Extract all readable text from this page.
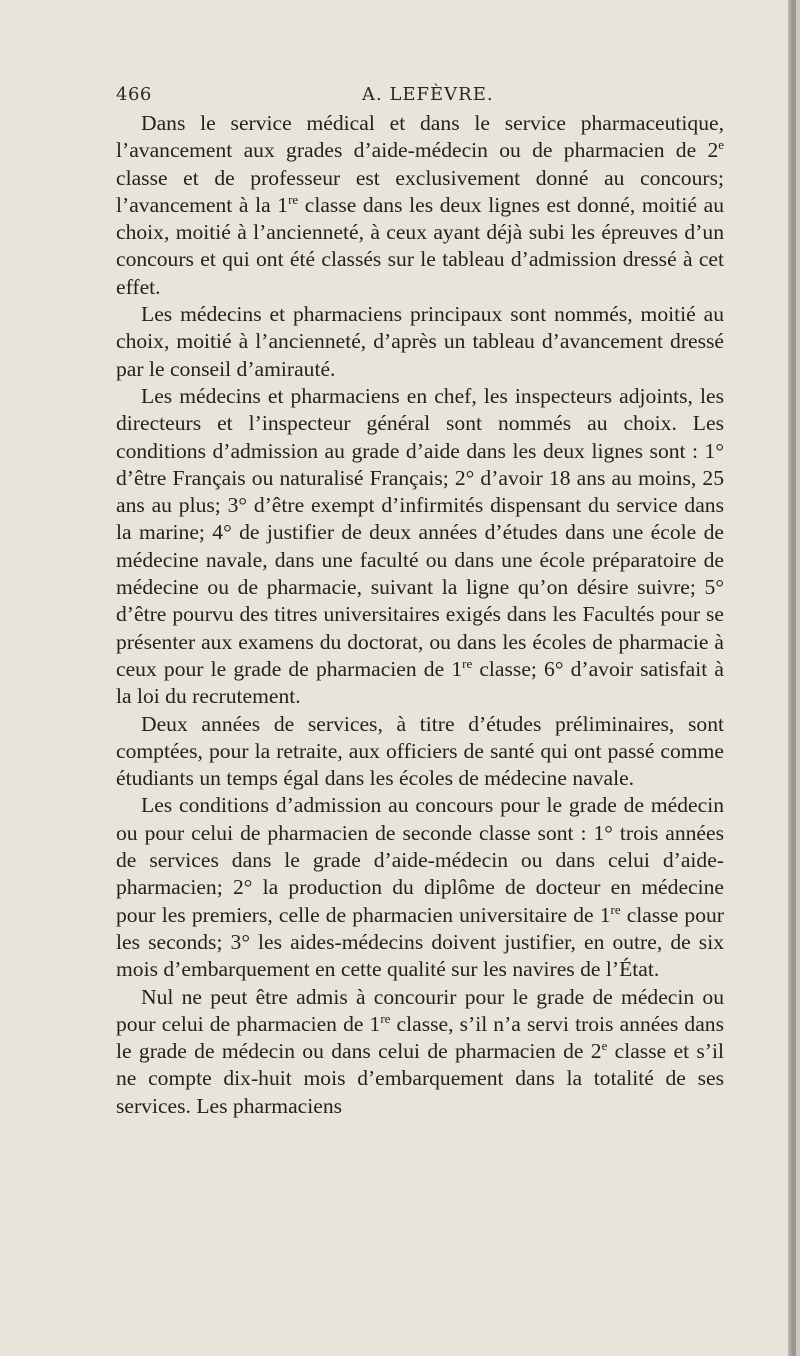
466	A. LEFÈVRE.

Dans le service médical et dans le service pharmaceutique, l’avancement aux grades d’aide-médecin ou de pharmacien de 2e classe et de professeur est exclusivement donné au concours; l’avancement à la 1re classe dans les deux lignes est donné, moitié au choix, moitié à l’ancienneté, à ceux ayant déjà subi les épreuves d’un concours et qui ont été classés sur le tableau d’admission dressé à cet effet.

Les médecins et pharmaciens principaux sont nommés, moitié au choix, moitié à l’ancienneté, d’après un tableau d’avancement dressé par le conseil d’amirauté.

Les médecins et pharmaciens en chef, les inspecteurs adjoints, les directeurs et l’inspecteur général sont nommés au choix. Les conditions d’admission au grade d’aide dans les deux lignes sont : 1° d’être Français ou naturalisé Français; 2° d’avoir 18 ans au moins, 25 ans au plus; 3° d’être exempt d’infirmités dispensant du service dans la marine; 4° de justifier de deux années d’études dans une école de médecine navale, dans une faculté ou dans une école préparatoire de médecine ou de pharmacie, suivant la ligne qu’on désire suivre; 5° d’être pourvu des titres universitaires exigés dans les Facultés pour se présenter aux examens du doctorat, ou dans les écoles de pharmacie à ceux pour le grade de pharmacien de 1re classe; 6° d’avoir satisfait à la loi du recrutement.

Deux années de services, à titre d’études préliminaires, sont comptées, pour la retraite, aux officiers de santé qui ont passé comme étudiants un temps égal dans les écoles de médecine navale.

Les conditions d’admission au concours pour le grade de médecin ou pour celui de pharmacien de seconde classe sont : 1° trois années de services dans le grade d’aide-médecin ou dans celui d’aide-pharmacien; 2° la production du diplôme de docteur en médecine pour les premiers, celle de pharmacien universitaire de 1re classe pour les seconds; 3° les aides-médecins doivent justifier, en outre, de six mois d’embarquement en cette qualité sur les navires de l’État.

Nul ne peut être admis à concourir pour le grade de médecin ou pour celui de pharmacien de 1re classe, s’il n’a servi trois années dans le grade de médecin ou dans celui de pharmacien de 2e classe et s’il ne compte dix-huit mois d’embarquement dans la totalité de ses services. Les pharmaciens
